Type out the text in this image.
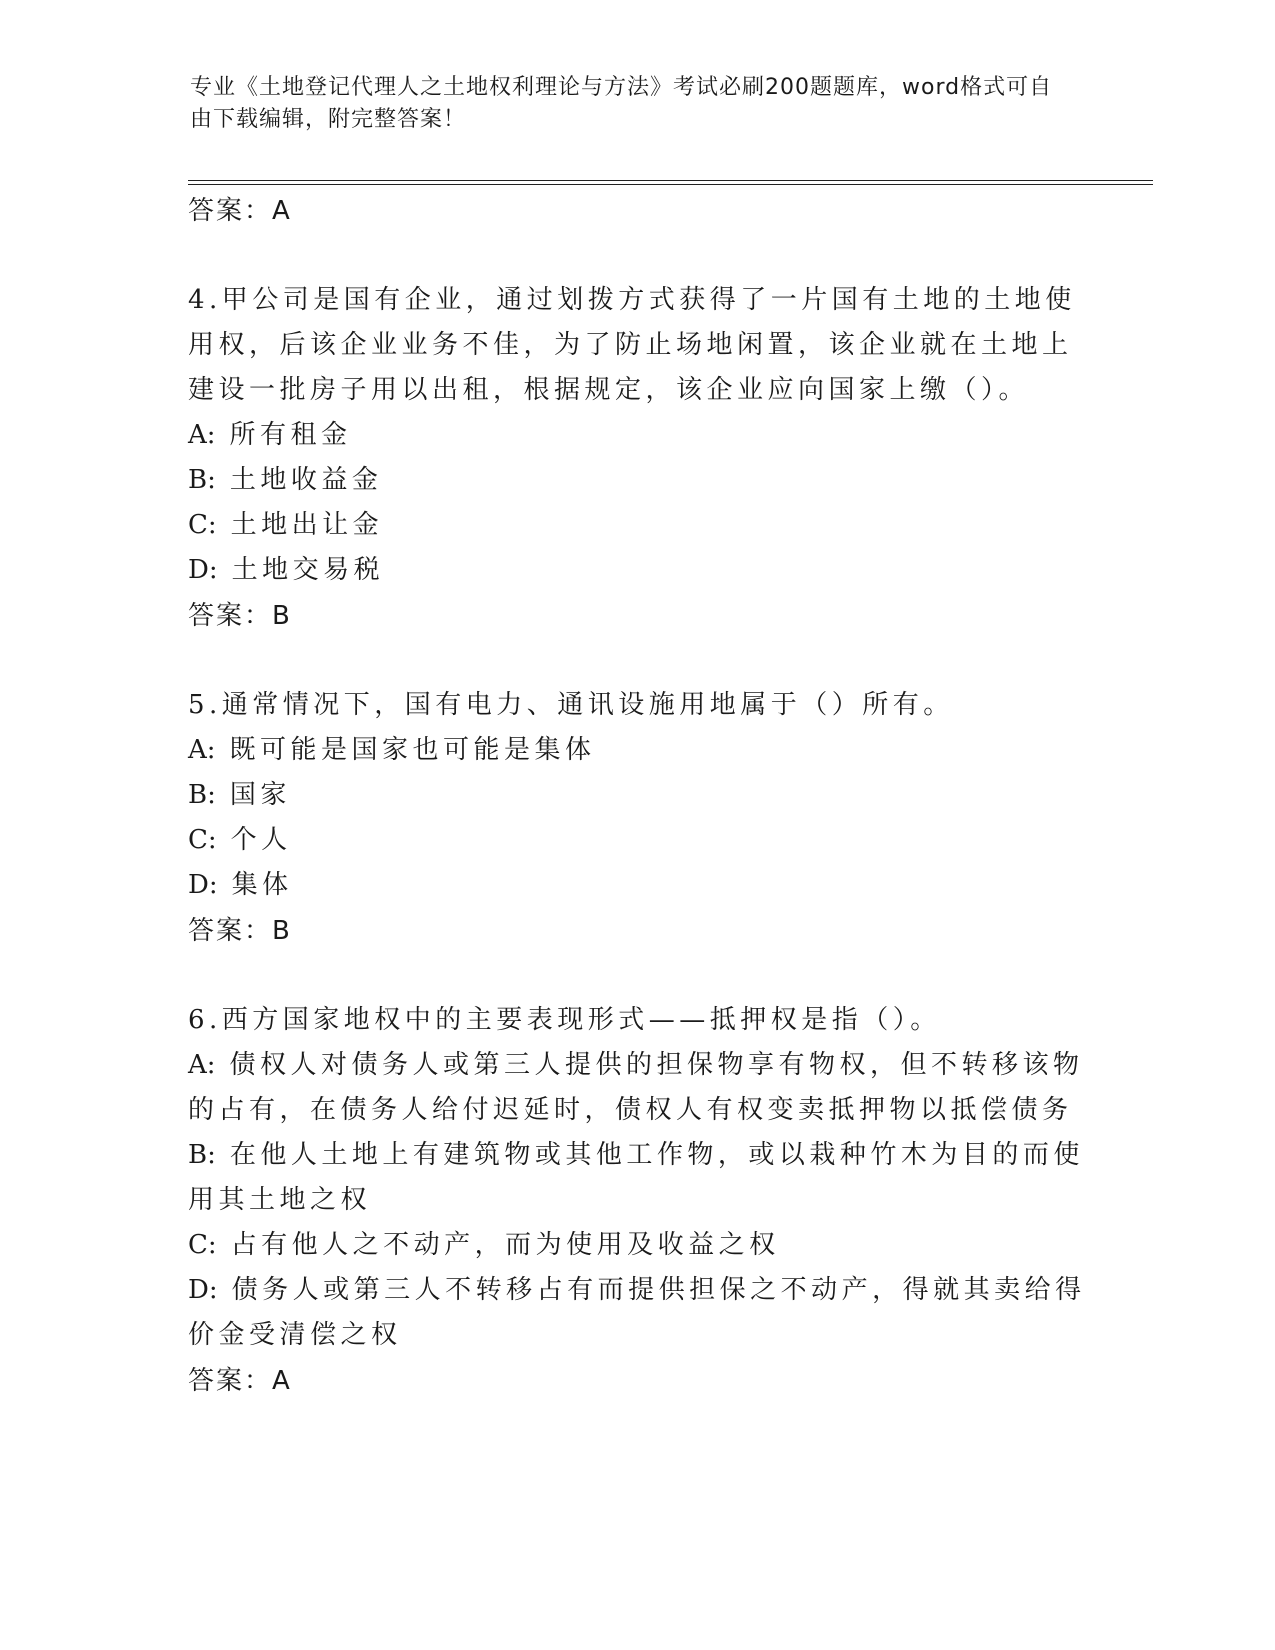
专业《土地登记代理人之土地权利理论与方法》考试必刷200题题库，word格式可自由下载编辑，附完整答案！
答案：A

4.甲公司是国有企业，通过划拨方式获得了一片国有土地的土地使用权，后该企业业务不佳，为了防止场地闲置，该企业就在土地上建设一批房子用以出租，根据规定，该企业应向国家上缴（）。

A: 所有租金

B: 土地收益金

C: 土地出让金

D: 土地交易税

答案：B

5.通常情况下，国有电力、通讯设施用地属于（）所有。

A: 既可能是国家也可能是集体

B: 国家

C: 个人

D: 集体

答案：B

6.西方国家地权中的主要表现形式——抵押权是指（）。

A: 债权人对债务人或第三人提供的担保物享有物权，但不转移该物的占有，在债务人给付迟延时，债权人有权变卖抵押物以抵偿债务

B: 在他人土地上有建筑物或其他工作物，或以栽种竹木为目的而使用其土地之权

C: 占有他人之不动产，而为使用及收益之权

D: 债务人或第三人不转移占有而提供担保之不动产，得就其卖给得价金受清偿之权

答案：A
